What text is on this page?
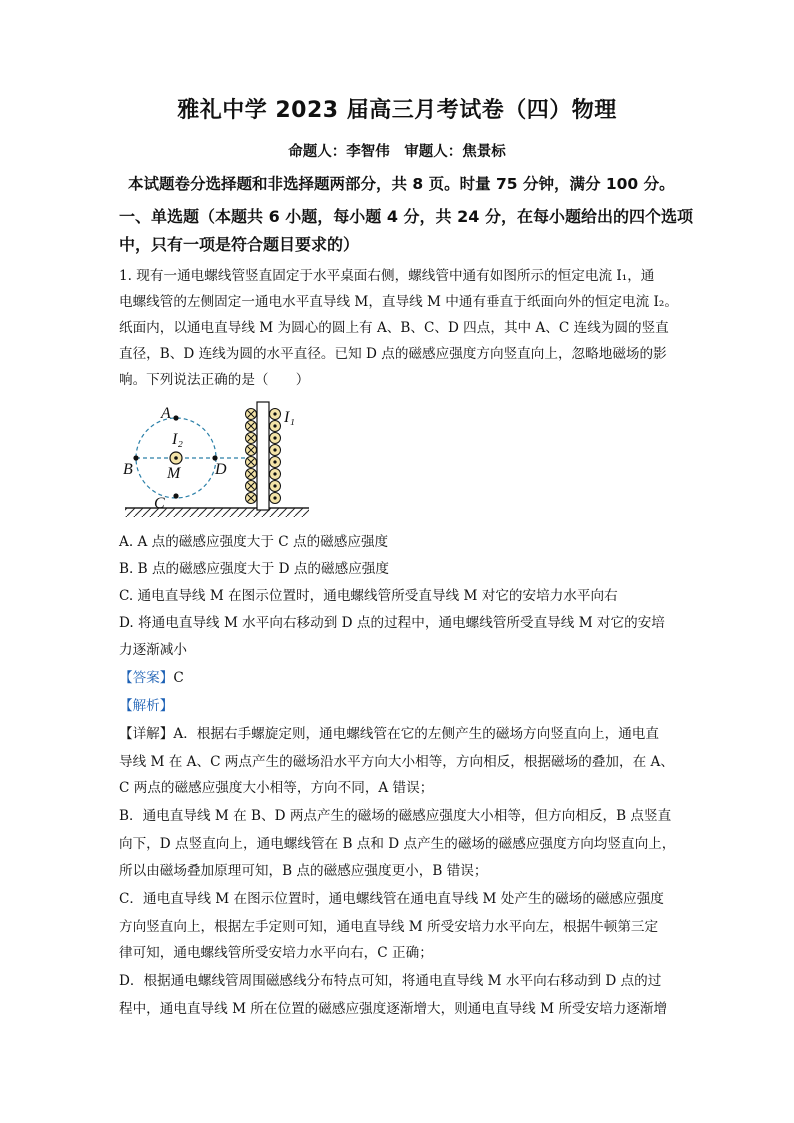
雅礼中学 2023 届高三月考试卷（四）物理
命题人：李智伟　审题人：焦景标
本试题卷分选择题和非选择题两部分，共 8 页。时量 75 分钟，满分 100 分。
一、单选题（本题共 6 小题，每小题 4 分，共 24 分，在每小题给出的四个选项
中，只有一项是符合题目要求的）
1. 现有一通电螺线管竖直固定于水平桌面右侧，螺线管中通有如图所示的恒定电流 I₁，通
电螺线管的左侧固定一通电水平直导线 M，直导线 M 中通有垂直于纸面向外的恒定电流 I₂。
纸面内，以通电直导线 M 为圆心的圆上有 A、B、C、D 四点，其中 A、C 连线为圆的竖直
直径，B、D 连线为圆的水平直径。已知 D 点的磁感应强度方向竖直向上，忽略地磁场的影
响。下列说法正确的是（　　）
A
B
C
D
M
I₂
I₁
A. A 点的磁感应强度大于 C 点的磁感应强度
B. B 点的磁感应强度大于 D 点的磁感应强度
C. 通电直导线 M 在图示位置时，通电螺线管所受直导线 M 对它的安培力水平向右
D. 将通电直导线 M 水平向右移动到 D 点的过程中，通电螺线管所受直导线 M 对它的安培
力逐渐减小
【答案】C
【解析】
【详解】A．根据右手螺旋定则，通电螺线管在它的左侧产生的磁场方向竖直向上，通电直
导线 M 在 A、C 两点产生的磁场沿水平方向大小相等，方向相反，根据磁场的叠加，在 A、
C 两点的磁感应强度大小相等，方向不同，A 错误；
B．通电直导线 M 在 B、D 两点产生的磁场的磁感应强度大小相等，但方向相反，B 点竖直
向下，D 点竖直向上，通电螺线管在 B 点和 D 点产生的磁场的磁感应强度方向均竖直向上，
所以由磁场叠加原理可知，B 点的磁感应强度更小，B 错误；
C．通电直导线 M 在图示位置时，通电螺线管在通电直导线 M 处产生的磁场的磁感应强度
方向竖直向上，根据左手定则可知，通电直导线 M 所受安培力水平向左，根据牛顿第三定
律可知，通电螺线管所受安培力水平向右，C 正确；
D．根据通电螺线管周围磁感线分布特点可知，将通电直导线 M 水平向右移动到 D 点的过
程中，通电直导线 M 所在位置的磁感应强度逐渐增大，则通电直导线 M 所受安培力逐渐增
